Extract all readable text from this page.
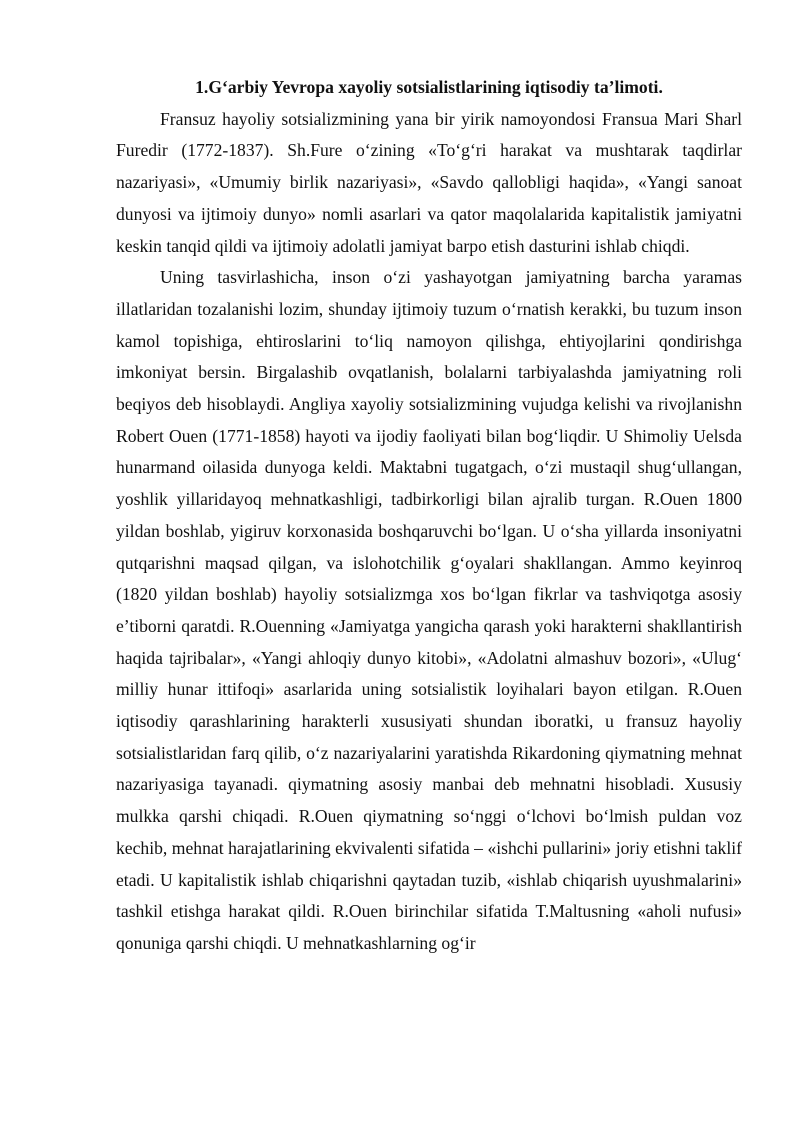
1.G‘arbiy Yevropa xayoliy sotsialistlarining iqtisodiy ta’limoti.

Fransuz hayoliy sotsializmining yana bir yirik namoyondosi Fransua Mari Sharl Furedir (1772-1837). Sh.Fure o‘zining «To‘g‘ri harakat va mushtarak taqdirlar nazariyasi», «Umumiy birlik nazariyasi», «Savdo qallobligi haqida», «Yangi sanoat dunyosi va ijtimoiy dunyo» nomli asarlari va qator maqolalarida kapitalistik jamiyatni keskin tanqid qildi va ijtimoiy adolatli jamiyat barpo etish dasturini ishlab chiqdi.

Uning tasvirlashicha, inson o‘zi yashayotgan jamiyatning barcha yaramas illatlaridan tozalanishi lozim, shunday ijtimoiy tuzum o‘rnatish kerakki, bu tuzum inson kamol topishiga, ehtiroslarini to‘liq namoyon qilishga, ehtiyojlarini qondirishga imkoniyat bersin. Birgalashib ovqatlanish, bolalarni tarbiyalashda jamiyatning roli beqiyos deb hisoblaydi. Angliya xayoliy sotsializmining vujudga kelishi va rivojlanishn Robert Ouen (1771-1858) hayoti va ijodiy faoliyati bilan bog‘liqdir. U Shimoliy Uelsda hunarmand oilasida dunyoga keldi. Maktabni tugatgach, o‘zi mustaqil shug‘ullangan, yoshlik yillaridayoq mehnatkashligi, tadbirkorligi bilan ajralib turgan. R.Ouen 1800 yildan boshlab, yigiruv korxonasida boshqaruvchi bo‘lgan. U o‘sha yillarda insoniyatni qutqarishni maqsad qilgan, va islohotchilik g‘oyalari shakllangan. Ammo keyinroq (1820 yildan boshlab) hayoliy sotsializmga xos bo‘lgan fikrlar va tashviqotga asosiy e’tiborni qaratdi. R.Ouenning «Jamiyatga yangicha qarash yoki harakterni shakllantirish haqida tajribalar», «Yangi ahloqiy dunyo kitobi», «Adolatni almashuv bozori», «Ulug‘ milliy hunar ittifoqi» asarlarida uning sotsialistik loyihalari bayon etilgan. R.Ouen iqtisodiy qarashlarining harakterli xususiyati shundan iboratki, u fransuz hayoliy sotsialistlaridan farq qilib, o‘z nazariyalarini yaratishda Rikardoning qiymatning mehnat nazariyasiga tayanadi. qiymatning asosiy manbai deb mehnatni hisobladi. Xususiy mulkka qarshi chiqadi. R.Ouen qiymatning so‘nggi o‘lchovi bo‘lmish puldan voz kechib, mehnat harajatlarining ekvivalenti sifatida – «ishchi pullarini» joriy etishni taklif etadi. U kapitalistik ishlab chiqarishni qaytadan tuzib, «ishlab chiqarish uyushmalarini» tashkil etishga harakat qildi. R.Ouen birinchilar sifatida T.Maltusning «aholi nufusi» qonuniga qarshi chiqdi. U mehnatkashlarning og‘ir
